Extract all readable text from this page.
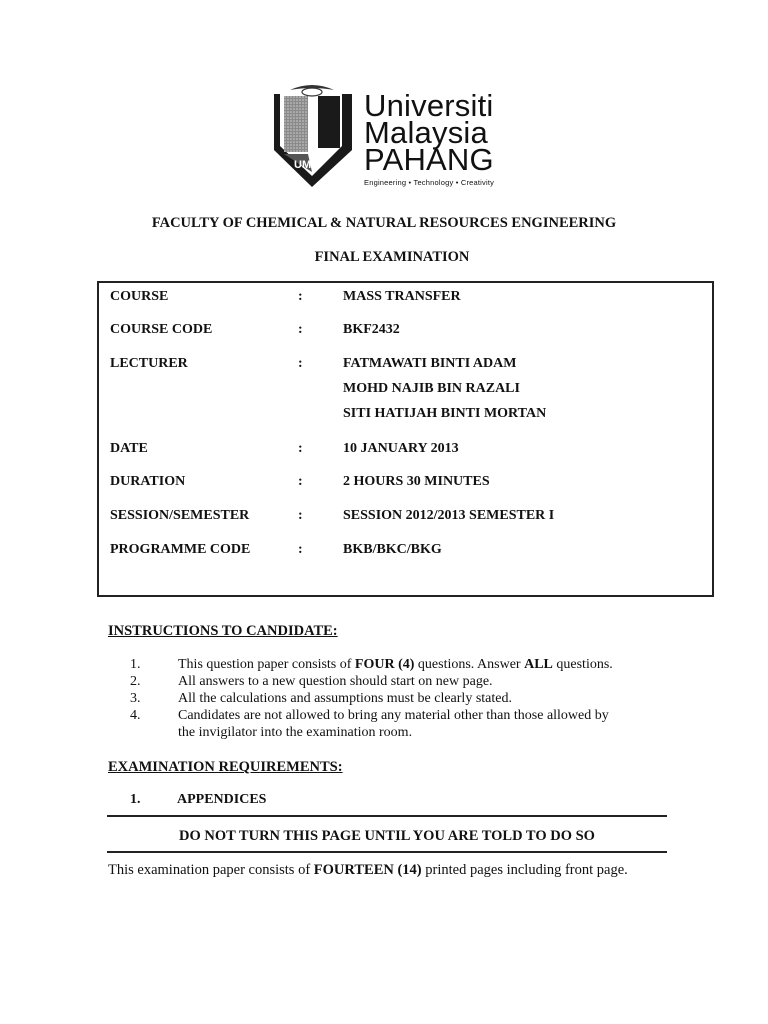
UMP
Universiti
Malaysia
PAHANG
Engineering • Technology • Creativity
FACULTY OF CHEMICAL & NATURAL RESOURCES ENGINEERING
FINAL EXAMINATION
COURSE	:	MASS TRANSFER
COURSE CODE	:	BKF2432
LECTURER	:	FATMAWATI BINTI ADAM
MOHD NAJIB BIN RAZALI
SITI HATIJAH BINTI MORTAN
DATE	:	10 JANUARY 2013
DURATION	:	2 HOURS 30 MINUTES
SESSION/SEMESTER	:	SESSION 2012/2013 SEMESTER I
PROGRAMME CODE	:	BKB/BKC/BKG
INSTRUCTIONS TO CANDIDATE:
1.	This question paper consists of FOUR (4) questions. Answer ALL questions.
2.	All answers to a new question should start on new page.
3.	All the calculations and assumptions must be clearly stated.
4.	Candidates are not allowed to bring any material other than those allowed by
the invigilator into the examination room.
EXAMINATION REQUIREMENTS:
1.	APPENDICES
DO NOT TURN THIS PAGE UNTIL YOU ARE TOLD TO DO SO
This examination paper consists of FOURTEEN (14) printed pages including front page.
